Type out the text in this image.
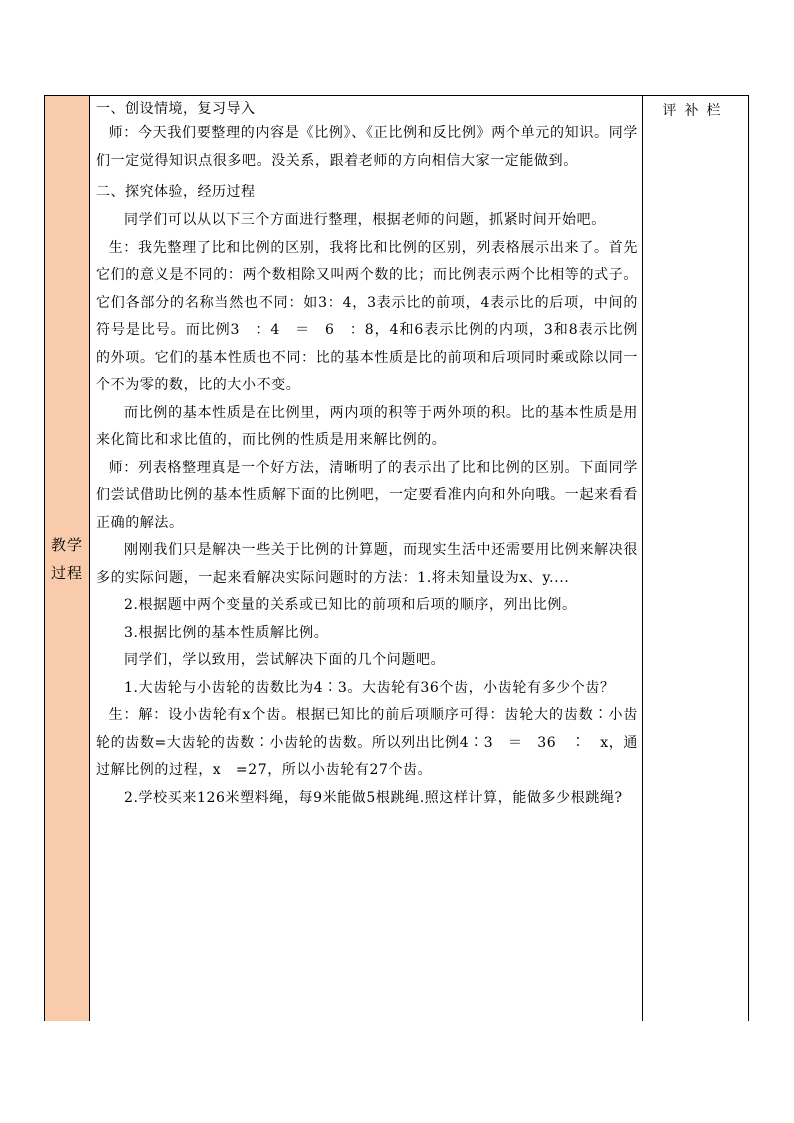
教学
过程

一、创设情境，复习导入

师：今天我们要整理的内容是《比例》、《正比例和反比例》两个单元的知识。同学们一定觉得知识点很多吧。没关系，跟着老师的方向相信大家一定能做到。

二、探究体验，经历过程

同学们可以从以下三个方面进行整理，根据老师的问题，抓紧时间开始吧。

生：我先整理了比和比例的区别，我将比和比例的区别，列表格展示出来了。首先它们的意义是不同的：两个数相除又叫两个数的比；而比例表示两个比相等的式子。它们各部分的名称当然也不同：如3：4，3表示比的前项，4表示比的后项，中间的符号是比号。而比例3　：4　＝　6　：8，4和6表示比例的内项，3和8表示比例的外项。它们的基本性质也不同：比的基本性质是比的前项和后项同时乘或除以同一个不为零的数，比的大小不变。

而比例的基本性质是在比例里，两内项的积等于两外项的积。比的基本性质是用来化简比和求比值的，而比例的性质是用来解比例的。

师：列表格整理真是一个好方法，清晰明了的表示出了比和比例的区别。下面同学们尝试借助比例的基本性质解下面的比例吧，一定要看准内向和外向哦。一起来看看正确的解法。

刚刚我们只是解决一些关于比例的计算题，而现实生活中还需要用比例来解决很多的实际问题，一起来看解决实际问题时的方法：1.将未知量设为x、y....

2.根据题中两个变量的关系或已知比的前项和后项的顺序，列出比例。

3.根据比例的基本性质解比例。

同学们，学以致用，尝试解决下面的几个问题吧。

1.大齿轮与小齿轮的齿数比为4∶3。大齿轮有36个齿，小齿轮有多少个齿？

生：解：设小齿轮有x个齿。根据已知比的前后项顺序可得：齿轮大的齿数∶小齿轮的齿数=大齿轮的齿数∶小齿轮的齿数。所以列出比例4∶3　＝　36　∶　x，通过解比例的过程，x　=27，所以小齿轮有27个齿。

2.学校买来126米塑料绳，每9米能做5根跳绳.照这样计算，能做多少根跳绳?

	评补栏
